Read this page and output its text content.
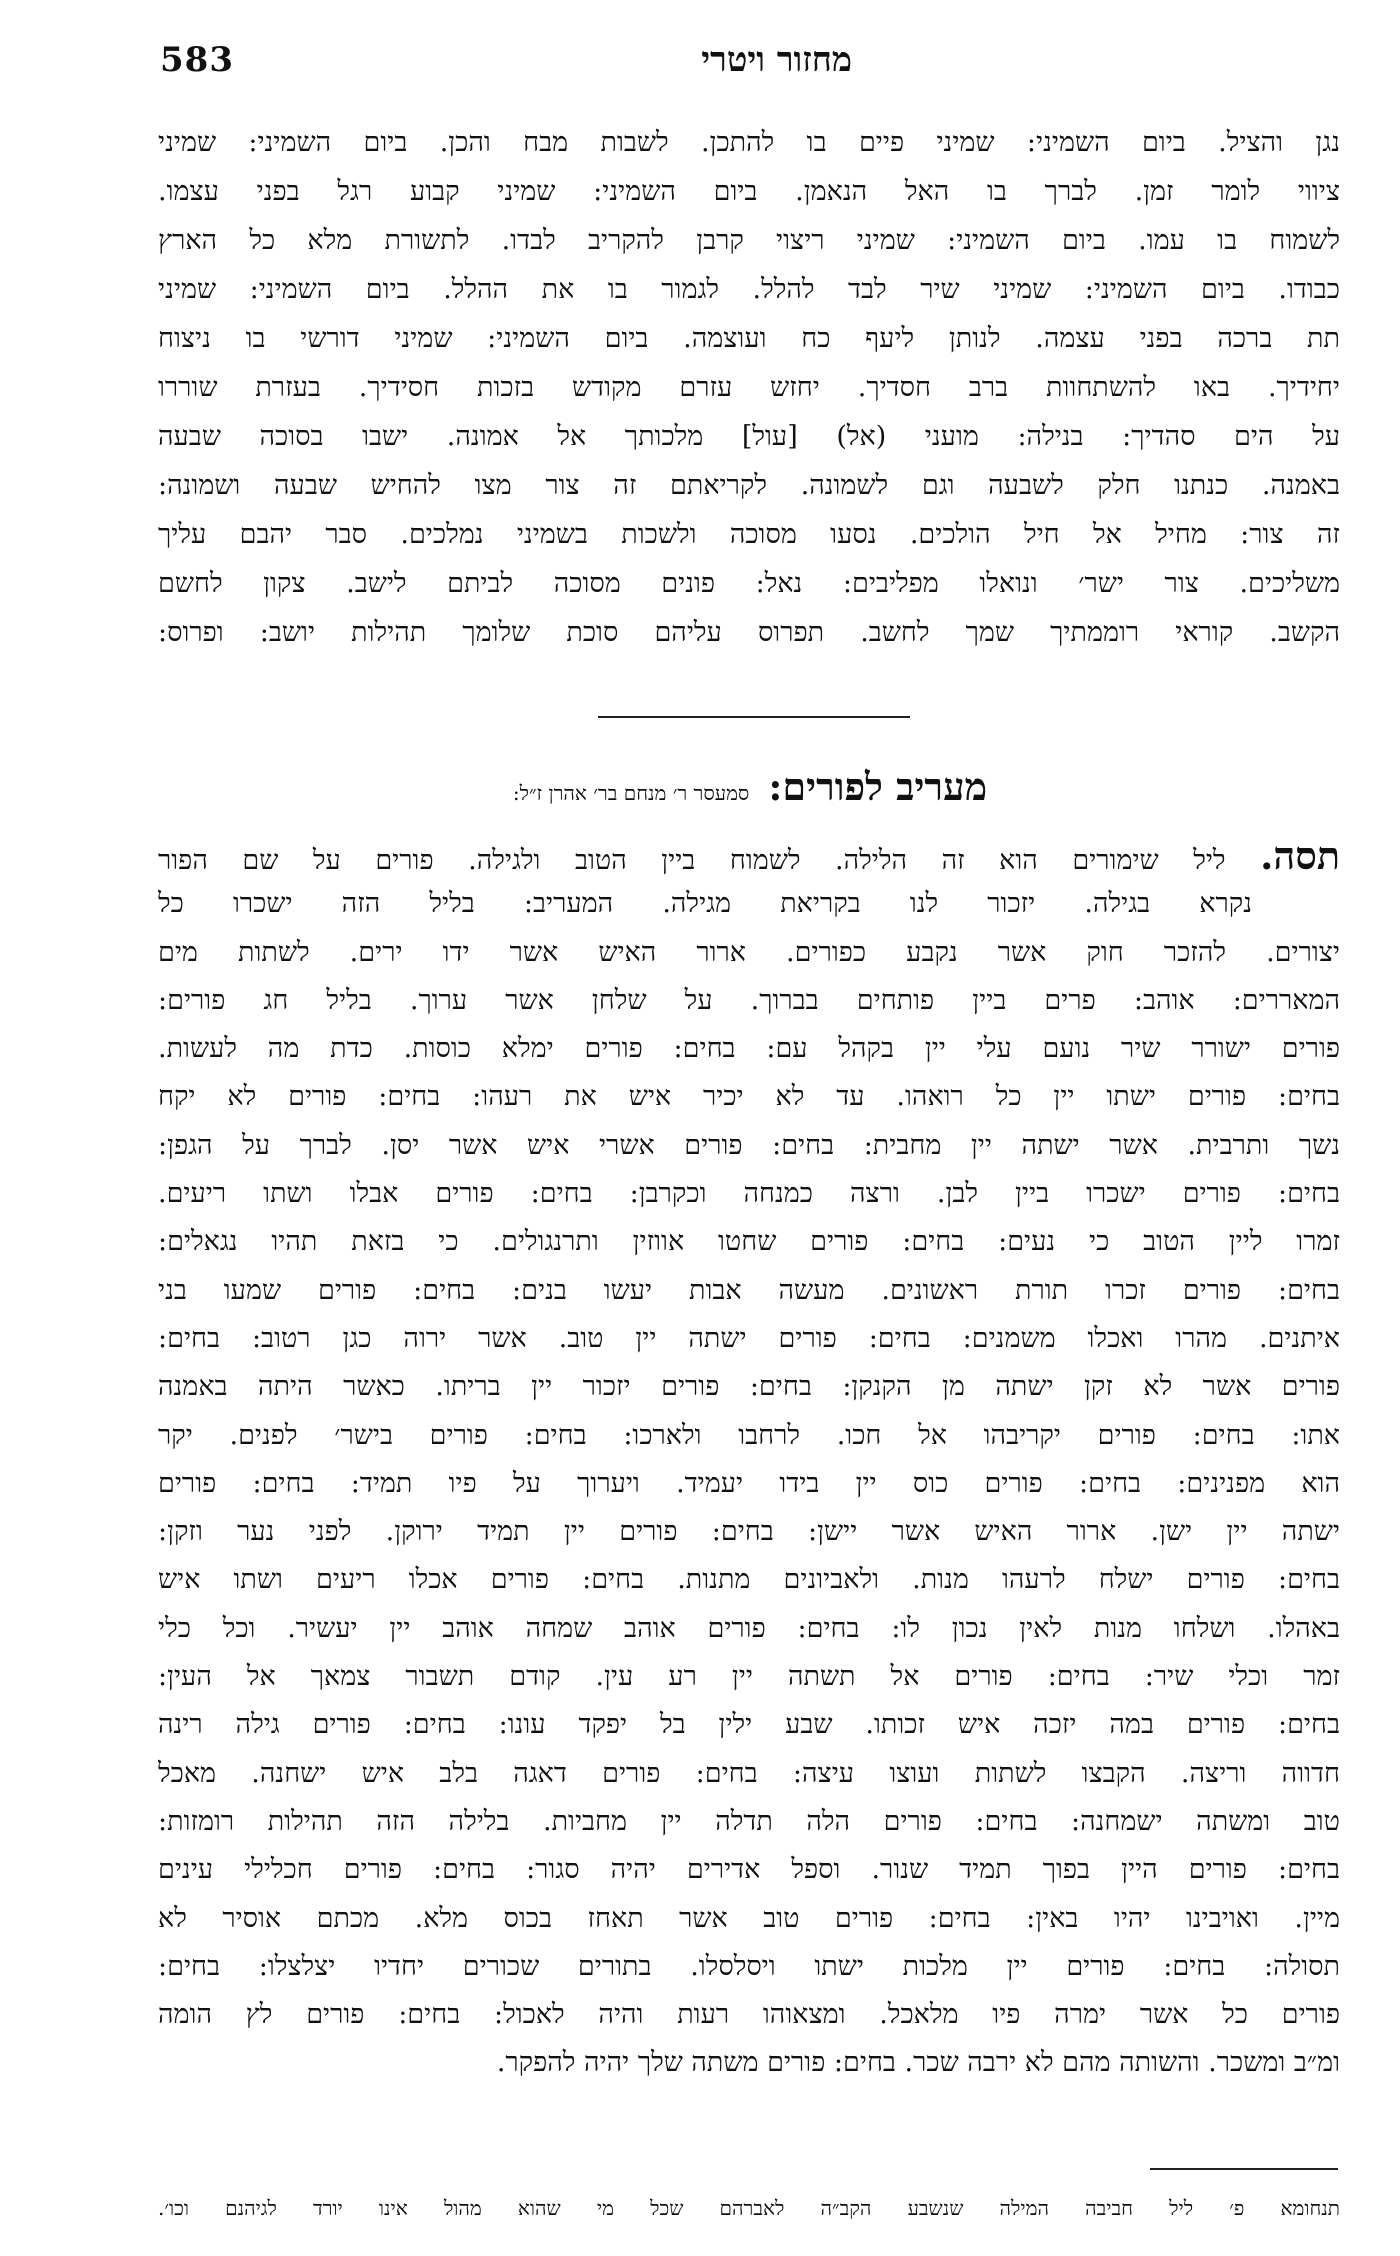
583	מחזור ויטרי
נגן והציל. ביום השמיני: שמיני פיים בו להתכן. לשבות מבח והכן. ביום השמיני: שמיני
ציווי לומר זמן. לברך בו האל הנאמן. ביום השמיני: שמיני קבוע רגל בפני עצמו.
לשמוח בו עמו. ביום השמיני: שמיני ריצוי קרבן להקריב לבדו. לתשורת מלא כל הארץ
כבודו. ביום השמיני: שמיני שיר לבד להלל. לגמור בו את ההלל. ביום השמיני: שמיני
תת ברכה בפני עצמה. לנותן ליעף כח ועוצמה. ביום השמיני: שמיני דורשי בו ניצוח
יחידיך. באו להשתחוות ברב חסדיך. יחזש עזרם מקודש בזכות חסידיך. בעזרת שוררו
על הים סהדיך: בנילה: מועני (אל) [עול] מלכותך אל אמונה. ישבו בסוכה שבעה
באמנה. כנתנו חלק לשבעה וגם לשמונה. לקריאתם זה צור מצו להחיש שבעה ושמונה:
זה צור: מחיל אל חיל הולכים. נסעו מסוכה ולשכות בשמיני נמלכים. סבר יהבם עליך
משליכים. צור ישר׳ ונואלו מפליבים: נאל: פונים מסוכה לביתם לישב. צקון לחשם
הקשב. קוראי רוממתיך שמך לחשב. תפרוס עליהם סוכת שלומך תהילות יושב: ופרוס:
מעריב לפורים: סמעסר ר׳ מנחם בר׳ אהרן ז״ל:
תסה. ליל שימורים הוא זה הלילה. לשמוח ביין הטוב ולגילה. פורים על שם הפור
נקרא בגילה. יזכור לנו בקריאת מגילה. המעריב: בליל הזה ישכרו כל
יצורים. להזכר חוק אשר נקבע כפורים. ארור האיש אשר ידו ירים. לשתות מים
המאררים: אוהב: פרים ביין פותחים בברוך. על שלחן אשר ערוך. בליל חג פורים:
פורים ישורר שיר נועם עלי יין בקהל עם: בחים: פורים ימלא כוסות. כדת מה לעשות.
בחים: פורים ישתו יין כל רואהו. עד לא יכיר איש את רעהו: בחים: פורים לא יקח
נשך ותרבית. אשר ישתה יין מחבית: בחים: פורים אשרי איש אשר יסן. לברך על הגפן:
בחים: פורים ישכרו ביין לבן. ורצה כמנחה וכקרבן: בחים: פורים אבלו ושתו ריעים.
זמרו ליין הטוב כי נעים: בחים: פורים שחטו אווזין ותרנגולים. כי בזאת תהיו נגאלים:
בחים: פורים זכרו תורת ראשונים. מעשה אבות יעשו בנים: בחים: פורים שמעו בני
איתנים. מהרו ואכלו משמנים: בחים: פורים ישתה יין טוב. אשר ירוה כגן רטוב: בחים:
פורים אשר לא זקן ישתה מן הקנקן: בחים: פורים יזכור יין בריתו. כאשר היתה באמנה
אתו: בחים: פורים יקריבהו אל חכו. לרחבו ולארכו: בחים: פורים בישר׳ לפנים. יקר
הוא מפנינים: בחים: פורים כוס יין בידו יעמיד. ויערוך על פיו תמיד: בחים: פורים
ישתה יין ישן. ארור האיש אשר יישן: בחים: פורים יין תמיד ירוקן. לפני נער וזקן:
בחים: פורים ישלח לרעהו מנות. ולאביונים מתנות. בחים: פורים אכלו ריעים ושתו איש
באהלו. ושלחו מנות לאין נכון לו: בחים: פורים אוהב שמחה אוהב יין יעשיר. וכל כלי
זמר וכלי שיר: בחים: פורים אל תשתה יין רע עין. קודם תשבור צמאך אל העין:
בחים: פורים במה יזכה איש זכותו. שבע ילין בל יפקד עונו: בחים: פורים גילה רינה
חדווה וריצה. הקבצו לשתות ועוצו עיצה: בחים: פורים דאגה בלב איש ישחנה. מאכל
טוב ומשתה ישמחנה: בחים: פורים הלה תדלה יין מחביות. בלילה הזה תהילות רומזות:
בחים: פורים היין בפוך תמיד שנור. וספל אדירים יהיה סגור: בחים: פורים חכלילי עינים
מיין. ואויבינו יהיו באין: בחים: פורים טוב אשר תאחז בכוס מלא. מכתם אוסיר לא
תסולה: בחים: פורים יין מלכות ישתו ויסלסלו. בתורים שכורים יחדיו יצלצלו: בחים:
פורים כל אשר ימרה פיו מלאכל. ומצאוהו רעות והיה לאכול: בחים: פורים לץ הומה
ומ״ב ומשכר. והשותה מהם לא ירבה שכר. בחים: פורים משתה שלך יהיה להפקר.
תנחומא פ׳ ליל חביבה המילה שנשבע הקב״ה לאברהם שכל מי שהוא מהול אינו יורד לגיהנם וכו׳.
